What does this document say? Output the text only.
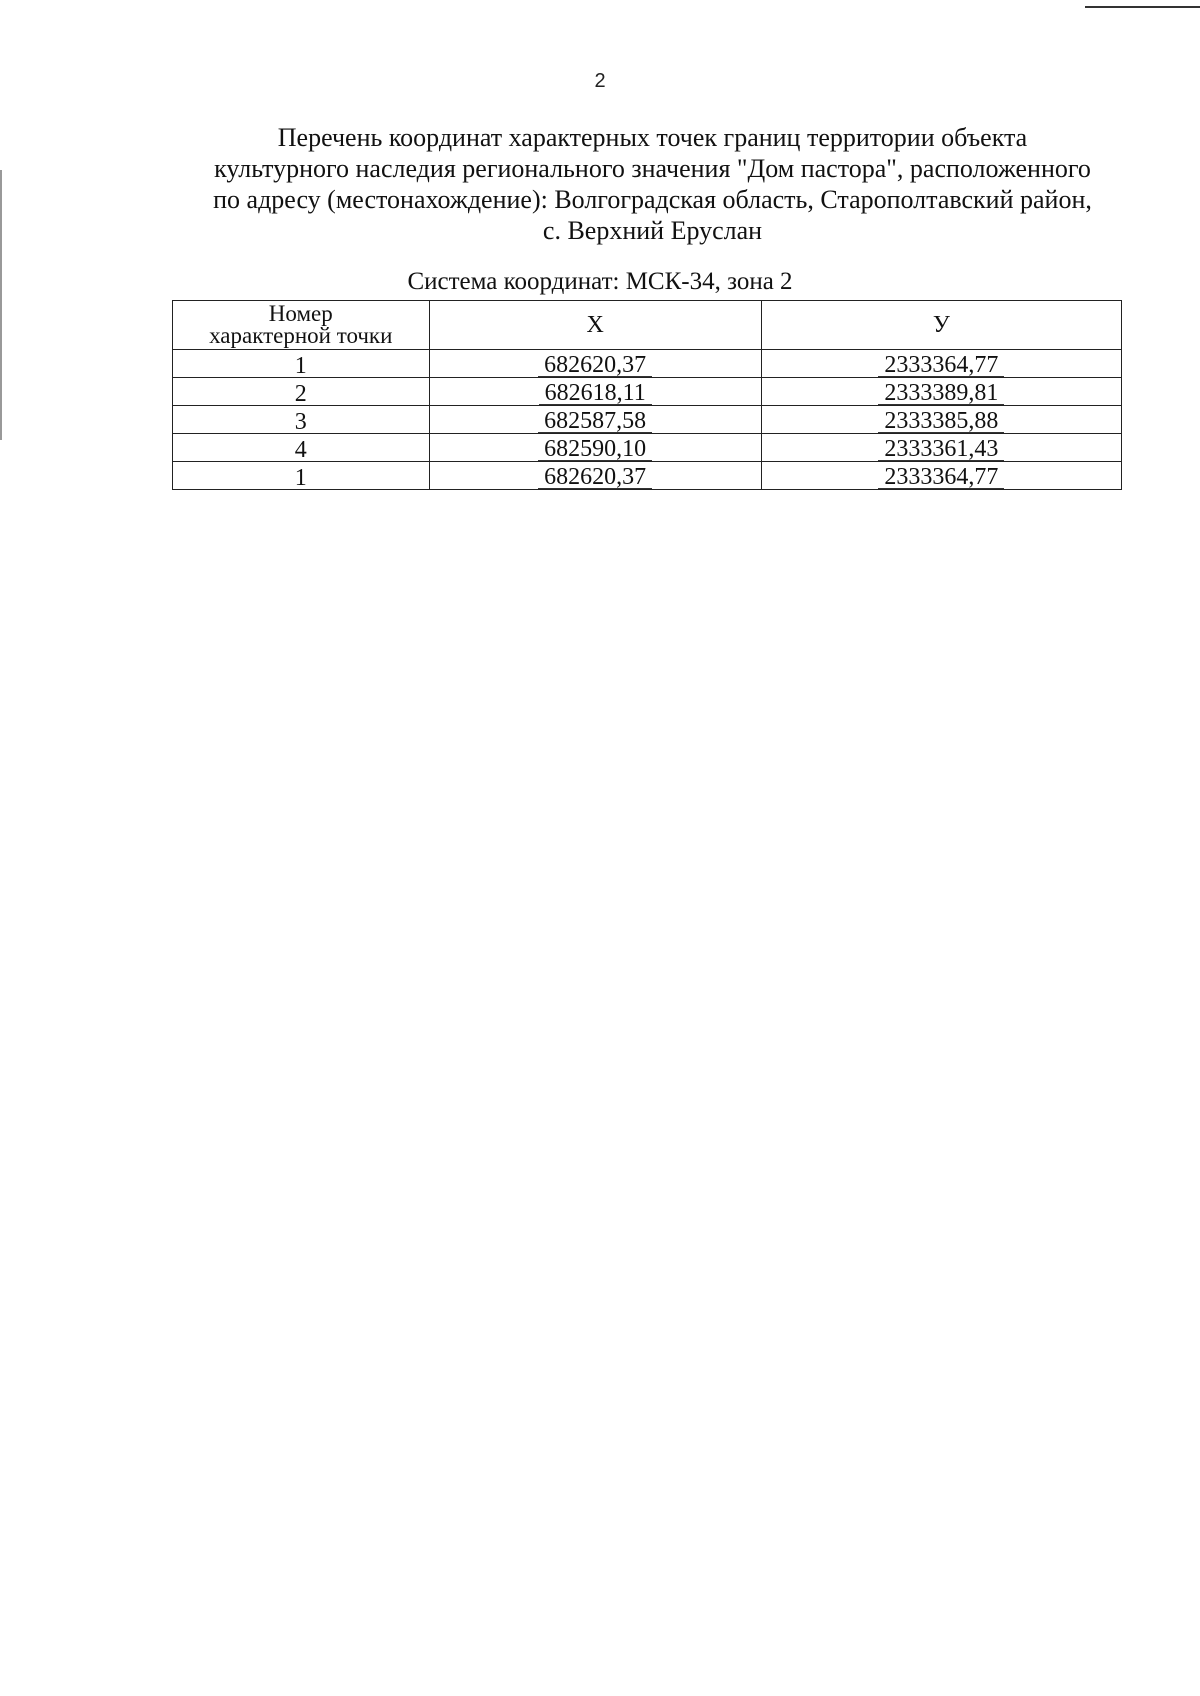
2
Перечень координат характерных точек границ территории объекта
культурного наследия регионального значения "Дом пастора", расположенного
по адресу (местонахождение): Волгоградская область, Старополтавский район,
с. Верхний Еруслан
Система координат: МСК-34, зона 2
Номер
характерной точки	X	У
1	682620,37	2333364,77
2	682618,11	2333389,81
3	682587,58	2333385,88
4	682590,10	2333361,43
1	682620,37	2333364,77
